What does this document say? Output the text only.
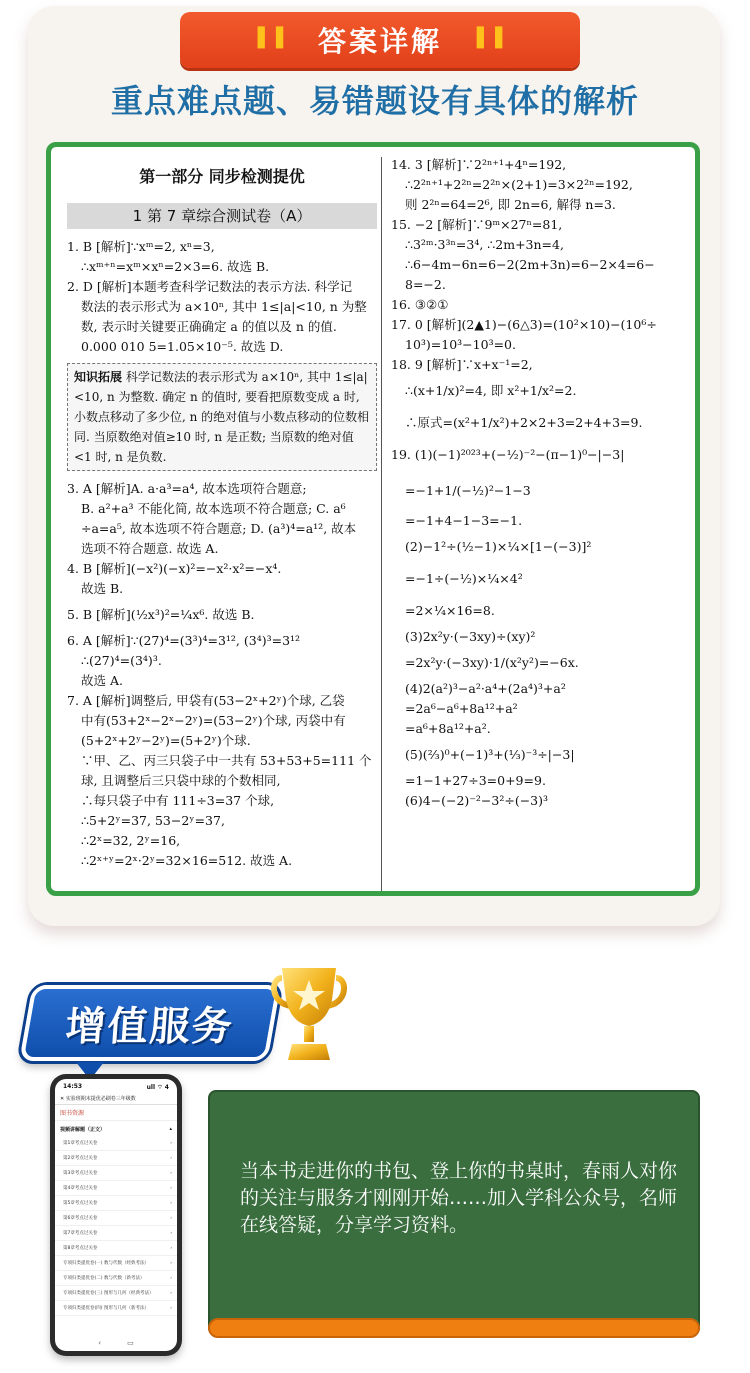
❚❚ 答案详解 ❚❚
重点难点题、易错题设有具体的解析
第一部分 同步检测提优
1 第 7 章综合测试卷（A）
1. B [解析]∵xᵐ=2, xⁿ=3,
∴xᵐ⁺ⁿ=xᵐ×xⁿ=2×3=6. 故选 B.
2. D [解析]本题考查科学记数法的表示方法. 科学记
数法的表示形式为 a×10ⁿ, 其中 1≤|a|<10, n 为整
数, 表示时关键要正确确定 a 的值以及 n 的值.
0.000 010 5=1.05×10⁻⁵. 故选 D.
知识拓展 科学记数法的表示形式为 a×10ⁿ, 其中 1≤|a|<10, n 为整数. 确定 n 的值时, 要看把原数变成 a 时, 小数点移动了多少位, n 的绝对值与小数点移动的位数相同. 当原数绝对值≥10 时, n 是正数; 当原数的绝对值<1 时, n 是负数.
3. A [解析]A. a·a³=a⁴, 故本选项符合题意;
B. a²+a³ 不能化简, 故本选项不符合题意; C. a⁶
÷a=a⁵, 故本选项不符合题意; D. (a³)⁴=a¹², 故本
选项不符合题意. 故选 A.
4. B [解析](−x²)(−x)²=−x²·x²=−x⁴.
故选 B.
5. B [解析](½x³)²=¼x⁶. 故选 B.
6. A [解析]∵(27)⁴=(3³)⁴=3¹², (3⁴)³=3¹²
∴(27)⁴=(3⁴)³.
故选 A.
7. A [解析]调整后, 甲袋有(53−2ˣ+2ʸ)个球, 乙袋
中有(53+2ˣ−2ˣ−2ʸ)=(53−2ʸ)个球, 丙袋中有
(5+2ˣ+2ʸ−2ʸ)=(5+2ʸ)个球.
∵甲、乙、丙三只袋子中一共有 53+53+5=111 个
球, 且调整后三只袋中球的个数相同,
∴每只袋子中有 111÷3=37 个球,
∴5+2ʸ=37, 53−2ʸ=37,
∴2ˣ=32, 2ʸ=16,
∴2ˣ⁺ʸ=2ˣ·2ʸ=32×16=512. 故选 A.
14. 3 [解析]∵2²ⁿ⁺¹+4ⁿ=192,
∴2²ⁿ⁺¹+2²ⁿ=2²ⁿ×(2+1)=3×2²ⁿ=192,
则 2²ⁿ=64=2⁶, 即 2n=6, 解得 n=3.
15. −2 [解析]∵9ᵐ×27ⁿ=81,
∴3²ᵐ·3³ⁿ=3⁴, ∴2m+3n=4,
∴6−4m−6n=6−2(2m+3n)=6−2×4=6−
8=−2.
16. ③②①
17. 0 [解析](2▲1)−(6△3)=(10²×10)−(10⁶÷
10³)=10³−10³=0.
18. 9 [解析]∵x+x⁻¹=2,
∴(x+1/x)²=4, 即 x²+1/x²=2.
∴原式=(x²+1/x²)+2×2+3=2+4+3=9.
19. (1)(−1)²⁰²³+(−½)⁻²−(π−1)⁰−|−3|
=−1+1/(−½)²−1−3
=−1+4−1−3=−1.
(2)−1²÷(½−1)×¼×[1−(−3)]²
=−1÷(−½)×¼×4²
=2×¼×16=8.
(3)2x²y·(−3xy)÷(xy)²
=2x²y·(−3xy)·1/(x²y²)=−6x.
(4)2(a²)³−a²·a⁴+(2a⁴)³+a²
=2a⁶−a⁶+8a¹²+a²
=a⁶+8a¹²+a².
(5)(⅔)⁰+(−1)³+(⅓)⁻³÷|−3|
=1−1+27÷3=0+9=9.
(6)4−(−2)⁻²−3²÷(−3)³
增值服务
14:53	ull ⌔ 4
✕ 实验班期末提优必刷卷三年级数
图书资源
视频讲解题（正文）	▴
第1章考点过关卷	›
第2章考点过关卷	›
第3章考点过关卷	›
第4章考点过关卷	›
第5章考点过关卷	›
第6章考点过关卷	›
第7章考点过关卷	›
第8章考点过关卷	›
专项归类提优卷(一) 数与代数（经典考法）	›
专项归类提优卷(二) 数与代数（新考法）	›
专项归类提优卷(三) 图形与几何（经典考法）	›
专项归类提优卷(四) 图形与几何（新考法）	›
‹	▭
当本书走进你的书包、登上你的书桌时，春雨人对你的关注与服务才刚刚开始……加入学科公众号，名师在线答疑，分享学习资料。
